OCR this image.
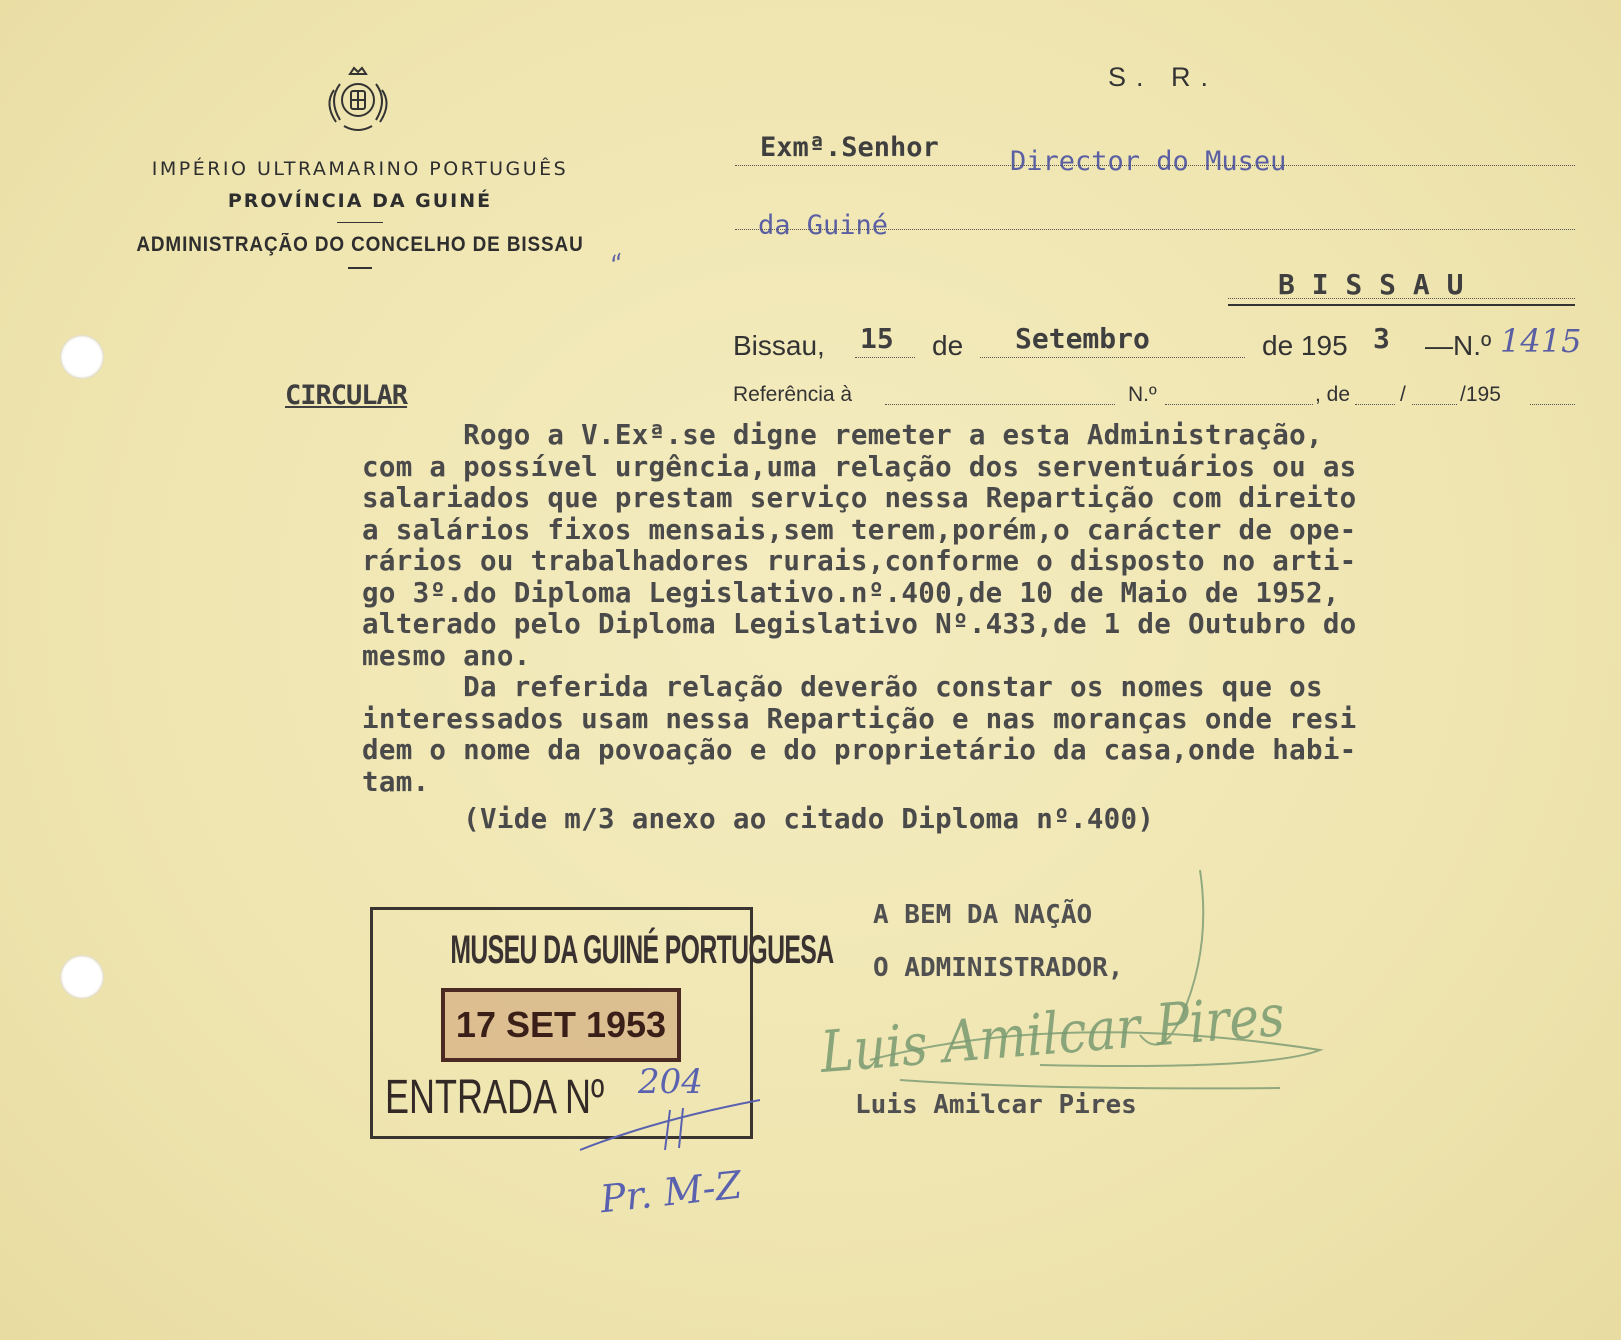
IMPÉRIO ULTRAMARINO PORTUGUÊS
PROVÍNCIA DA GUINÉ
ADMINISTRAÇÃO DO CONCELHO DE BISSAU
S. R.
Exmª.Senhor	Director do Museu
da Guiné
B I S S A U
Bissau, 15 de Setembro	de 195 3 —N.º 1415
Referência à	N.º	, de /	/195
CIRCULAR
Rogo a V.Exª.se digne remeter a esta Administração,
com a possível urgência,uma relação dos serventuários ou as
salariados que prestam serviço nessa Repartição com direito
a salários fixos mensais,sem terem,porém,o carácter de ope-
rários ou trabalhadores rurais,conforme o disposto no arti-
go 3º.do Diploma Legislativo.nº.400,de 10 de Maio de 1952,
alterado pelo Diploma Legislativo Nº.433,de 1 de Outubro do
mesmo ano.
Da referida relação deverão constar os nomes que os
interessados usam nessa Repartição e nas moranças onde resi
dem o nome da povoação e do proprietário da casa,onde habi-
tam.
(Vide m/3 anexo ao citado Diploma nº.400)
A BEM DA NAÇÃO
O ADMINISTRADOR,
Luis Amilcar Pires
Luis Amilcar Pires
MUSEU DA GUINÉ PORTUGUESA
17 SET 1953
ENTRADA Nº 204
Pr. M-Z
“
